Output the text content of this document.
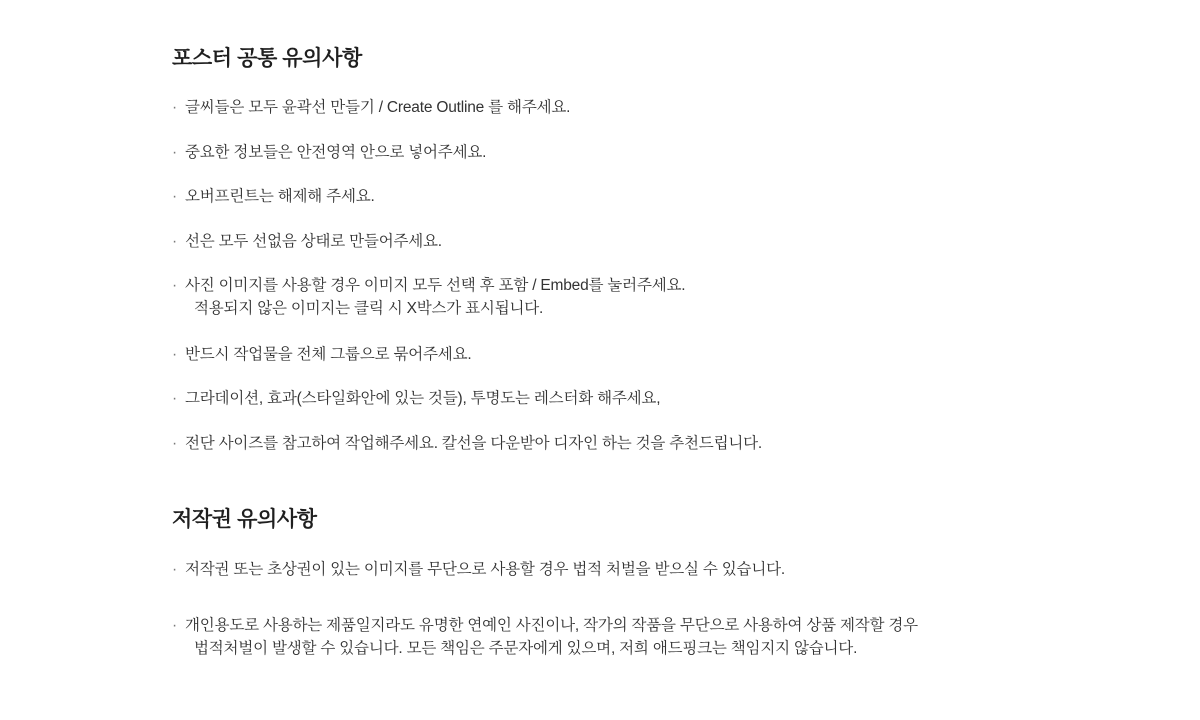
포스터 공통 유의사항
· 글씨들은 모두 윤곽선 만들기 / Create Outline 를 해주세요.
· 중요한 정보들은 안전영역 안으로 넣어주세요.
· 오버프린트는 해제해 주세요.
· 선은 모두 선없음 상태로 만들어주세요.
· 사진 이미지를 사용할 경우 이미지 모두 선택 후 포함 / Embed를 눌러주세요.
적용되지 않은 이미지는 클릭 시 X박스가 표시됩니다.
· 반드시 작업물을 전체 그룹으로 묶어주세요.
· 그라데이션, 효과(스타일화안에 있는 것들), 투명도는 레스터화 해주세요,
· 전단 사이즈를 참고하여 작업해주세요. 칼선을 다운받아 디자인 하는 것을 추천드립니다.
저작권 유의사항
· 저작권 또는 초상권이 있는 이미지를 무단으로 사용할 경우 법적 처벌을 받으실 수 있습니다.
· 개인용도로 사용하는 제품일지라도 유명한 연예인 사진이나, 작가의 작품을 무단으로 사용하여 상품 제작할 경우
법적처벌이 발생할 수 있습니다. 모든 책임은 주문자에게 있으며, 저희 애드핑크는 책임지지 않습니다.
